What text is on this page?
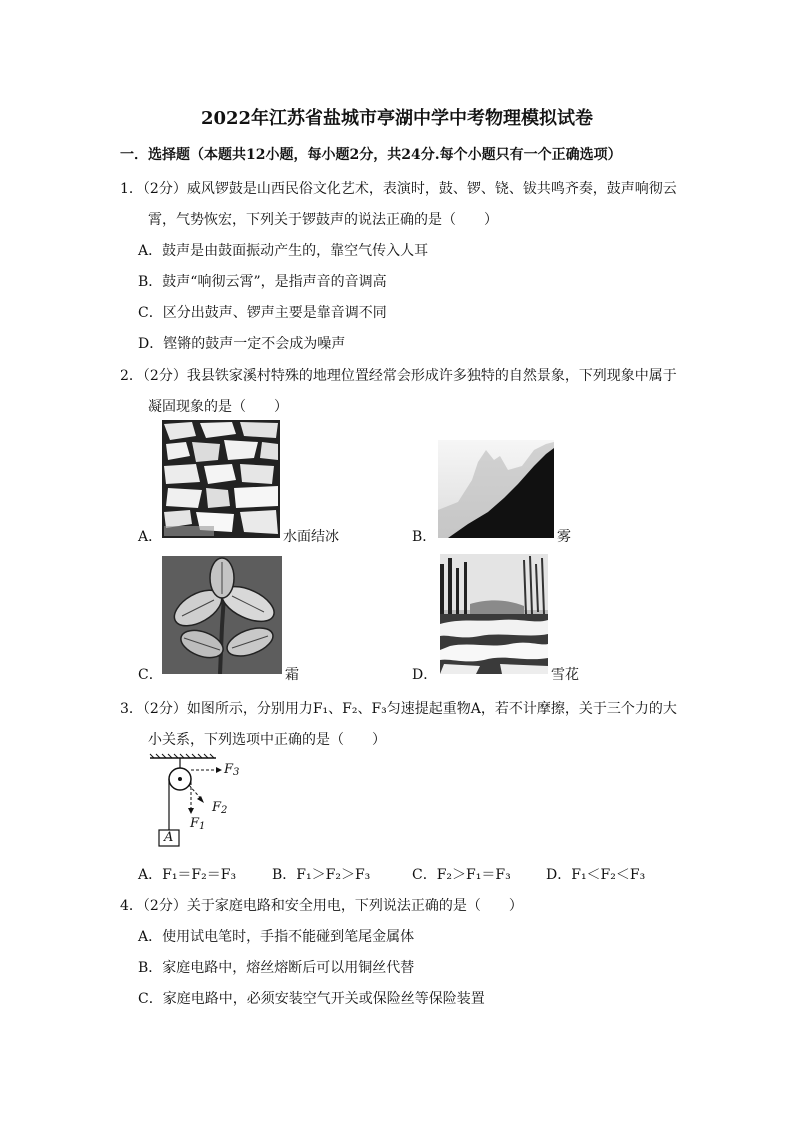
2022年江苏省盐城市亭湖中学中考物理模拟试卷
一．选择题（本题共12小题，每小题2分，共24分.每个小题只有一个正确选项）
1．（2分）威风锣鼓是山西民俗文化艺术，表演时，鼓、锣、铙、钹共鸣齐奏，鼓声响彻云
霄，气势恢宏，下列关于锣鼓声的说法正确的是（　　）
A．鼓声是由鼓面振动产生的，靠空气传入人耳
B．鼓声“响彻云霄”，是指声音的音调高
C．区分出鼓声、锣声主要是靠音调不同
D．铿锵的鼓声一定不会成为噪声
2．（2分）我县铁家溪村特殊的地理位置经常会形成许多独特的自然景象，下列现象中属于
凝固现象的是（　　）
A．	水面结冰	B．	雾
C．	霜	D．	雪花
3．（2分）如图所示，分别用力F₁、F₂、F₃匀速提起重物A，若不计摩擦，关于三个力的大
小关系，下列选项中正确的是（　　）
$F_3$
$F_2$
$F_1$
A
A．F₁＝F₂＝F₃	B．F₁＞F₂＞F₃	C．F₂＞F₁＝F₃	D．F₁＜F₂＜F₃
4．（2分）关于家庭电路和安全用电，下列说法正确的是（　　）
A．使用试电笔时，手指不能碰到笔尾金属体
B．家庭电路中，熔丝熔断后可以用铜丝代替
C．家庭电路中，必须安装空气开关或保险丝等保险装置
